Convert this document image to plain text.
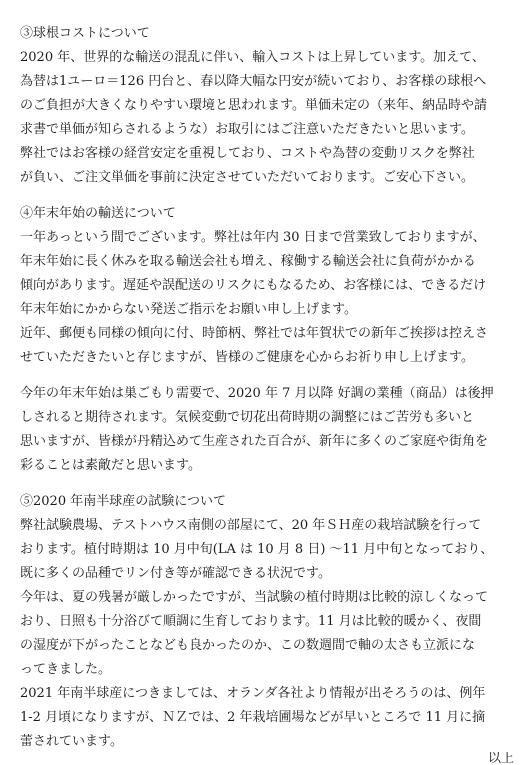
③球根コストについて
2020 年、世界的な輸送の混乱に伴い、輸入コストは上昇しています。加えて、
為替は1ユーロ＝126 円台と、春以降大幅な円安が続いており、お客様の球根へ
のご負担が大きくなりやすい環境と思われます。単価未定の（来年、納品時や請
求書で単価が知らされるような）お取引にはご注意いただきたいと思います。
弊社ではお客様の経営安定を重視しており、コストや為替の変動リスクを弊社
が負い、ご注文単価を事前に決定させていただいております。ご安心下さい。
④年末年始の輸送について
一年あっという間でございます。弊社は年内 30 日まで営業致しておりますが、
年末年始に長く休みを取る輸送会社も増え、稼働する輸送会社に負荷がかかる
傾向があります。遅延や誤配送のリスクにもなるため、お客様には、できるだけ
年末年始にかからない発送ご指示をお願い申し上げます。
近年、郵便も同様の傾向に付、時節柄、弊社では年賀状での新年ご挨拶は控えさ
せていただきたいと存じますが、皆様のご健康を心からお祈り申し上げます。
今年の年末年始は巣ごもり需要で、2020 年 7 月以降 好調の業種（商品）は後押
しされると期待されます。気候変動で切花出荷時期の調整にはご苦労も多いと
思いますが、皆様が丹精込めて生産された百合が、新年に多くのご家庭や街角を
彩ることは素敵だと思います。
⑤2020 年南半球産の試験について
弊社試験農場、テストハウス南側の部屋にて、20 年ＳＨ産の栽培試験を行って
おります。植付時期は 10 月中旬(LA は 10 月 8 日) 〜11 月中旬となっており、
既に多くの品種でリン付き等が確認できる状況です。
今年は、夏の残暑が厳しかったですが、当試験の植付時期は比較的涼しくなって
おり、日照も十分浴びて順調に生育しております。11 月は比較的暖かく、夜間
の湿度が下がったことなども良かったのか、この数週間で軸の太さも立派にな
ってきました。
2021 年南半球産につきましては、オランダ各社より情報が出そろうのは、例年
1-2 月頃になりますが、ＮＺでは、2 年栽培圃場などが早いところで 11 月に摘
蕾されています。
以上
